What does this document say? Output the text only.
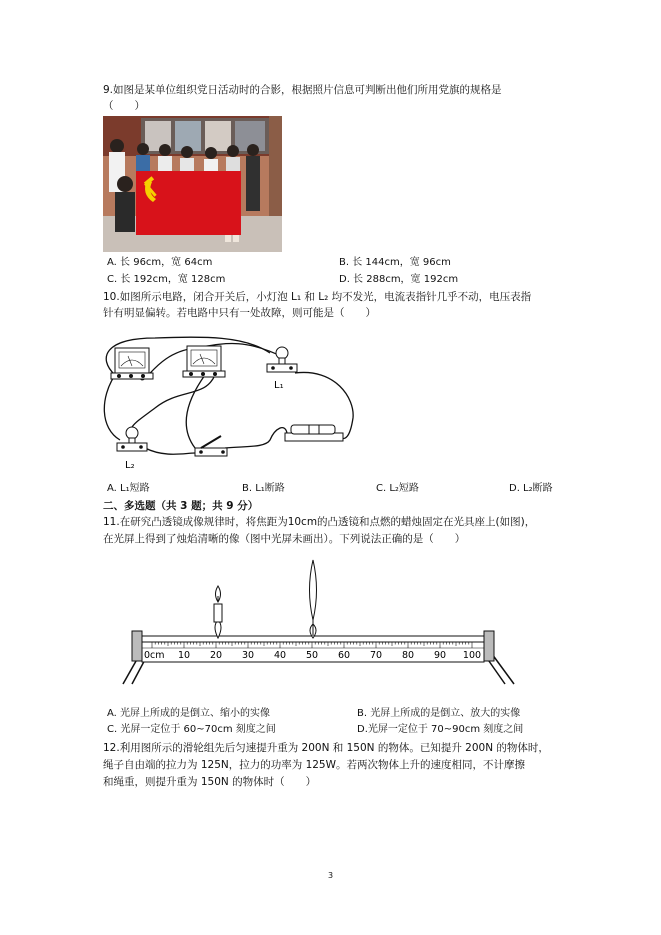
9.如图是某单位组织党日活动时的合影，根据照片信息可判断出他们所用党旗的规格是
（　　）
A. 长 96cm，宽 64cm	B. 长 144cm，宽 96cm
C. 长 192cm，宽 128cm	D. 长 288cm，宽 192cm
10.如图所示电路，闭合开关后，小灯泡 L₁ 和 L₂ 均不发光，电流表指针几乎不动，电压表指
针有明显偏转。若电路中只有一处故障，则可能是（　　）
L₁
L₂
A. L₁短路	B. L₁断路	C. L₂短路	D. L₂断路
二、多选题（共 3 题；共 9 分）
11.在研究凸透镜成像规律时，将焦距为10cm的凸透镜和点燃的蜡烛固定在光具座上(如图)，
在光屏上得到了烛焰清晰的像（图中光屏未画出）。下列说法正确的是（　　）
0cm 10 20 30 40 50 60 70 80 90 100
A. 光屏上所成的是倒立、缩小的实像	B. 光屏上所成的是倒立、放大的实像
C. 光屏一定位于 60~70cm 刻度之间	D.光屏一定位于 70~90cm 刻度之间
12.利用图所示的滑轮组先后匀速提升重为 200N 和 150N 的物体。已知提升 200N 的物体时，
绳子自由端的拉力为 125N，拉力的功率为 125W。若两次物体上升的速度相同，不计摩擦
和绳重，则提升重为 150N 的物体时（　　）
3
